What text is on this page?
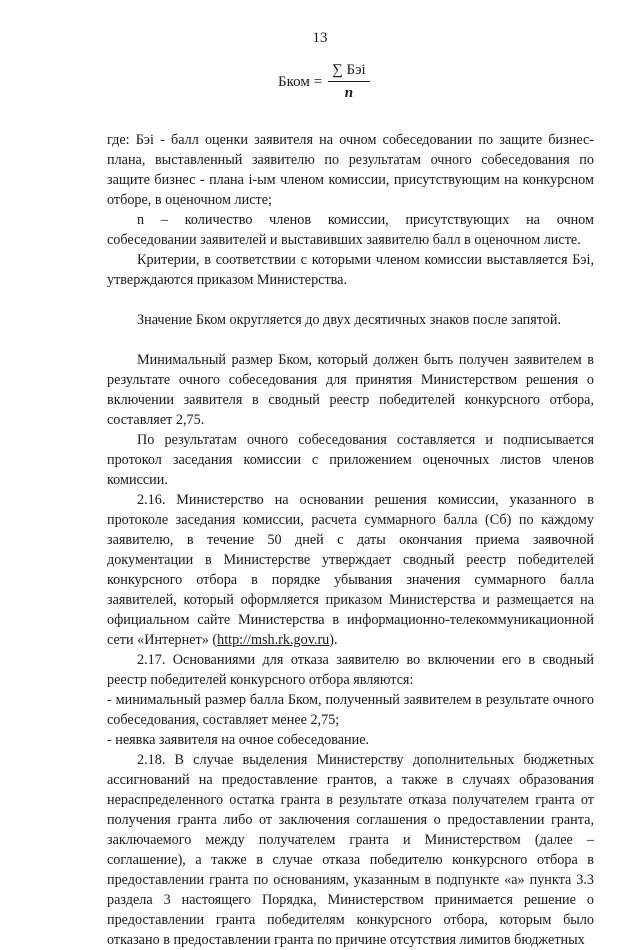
13
Бком = $\frac{\text{∑ Бэi}}{n}$

где: Бэi - балл оценки заявителя на очном собеседовании по защите бизнес-плана, выставленный заявителю по результатам очного собеседования по защите бизнес - плана i-ым членом комиссии, присутствующим на конкурсном отборе, в оценочном листе;

n – количество членов комиссии, присутствующих на очном собеседовании заявителей и выставивших заявителю балл в оценочном листе.

Критерии, в соответствии с которыми членом комиссии выставляется Бэi, утверждаются приказом Министерства.

Значение Бком округляется до двух десятичных знаков после запятой.

Минимальный размер Бком, который должен быть получен заявителем в результате очного собеседования для принятия Министерством решения о включении заявителя в сводный реестр победителей конкурсного отбора, составляет 2,75.

По результатам очного собеседования составляется и подписывается протокол заседания комиссии с приложением оценочных листов членов комиссии.

2.16. Министерство на основании решения комиссии, указанного в протоколе заседания комиссии, расчета суммарного балла (Сб) по каждому заявителю, в течение 50 дней с даты окончания приема заявочной документации в Министерстве утверждает сводный реестр победителей конкурсного отбора в порядке убывания значения суммарного балла заявителей, который оформляется приказом Министерства и размещается на официальном сайте Министерства в информационно-телекоммуникационной сети «Интернет» (http://msh.rk.gov.ru).

2.17. Основаниями для отказа заявителю во включении его в сводный реестр победителей конкурсного отбора являются:

- минимальный размер балла Бком, полученный заявителем в результате очного собеседования, составляет менее 2,75;

- неявка заявителя на очное собеседование.

2.18. В случае выделения Министерству дополнительных бюджетных ассигнований на предоставление грантов, а также в случаях образования нераспределенного остатка гранта в результате отказа получателем гранта от получения гранта либо от заключения соглашения о предоставлении гранта, заключаемого между получателем гранта и Министерством (далее – соглашение), а также в случае отказа победителю конкурсного отбора в предоставлении гранта по основаниям, указанным в подпункте «а» пункта 3.3 раздела 3 настоящего Порядка, Министерством принимается решение о предоставлении гранта победителям конкурсного отбора, которым было отказано в предоставлении гранта по причине отсутствия лимитов бюджетных
